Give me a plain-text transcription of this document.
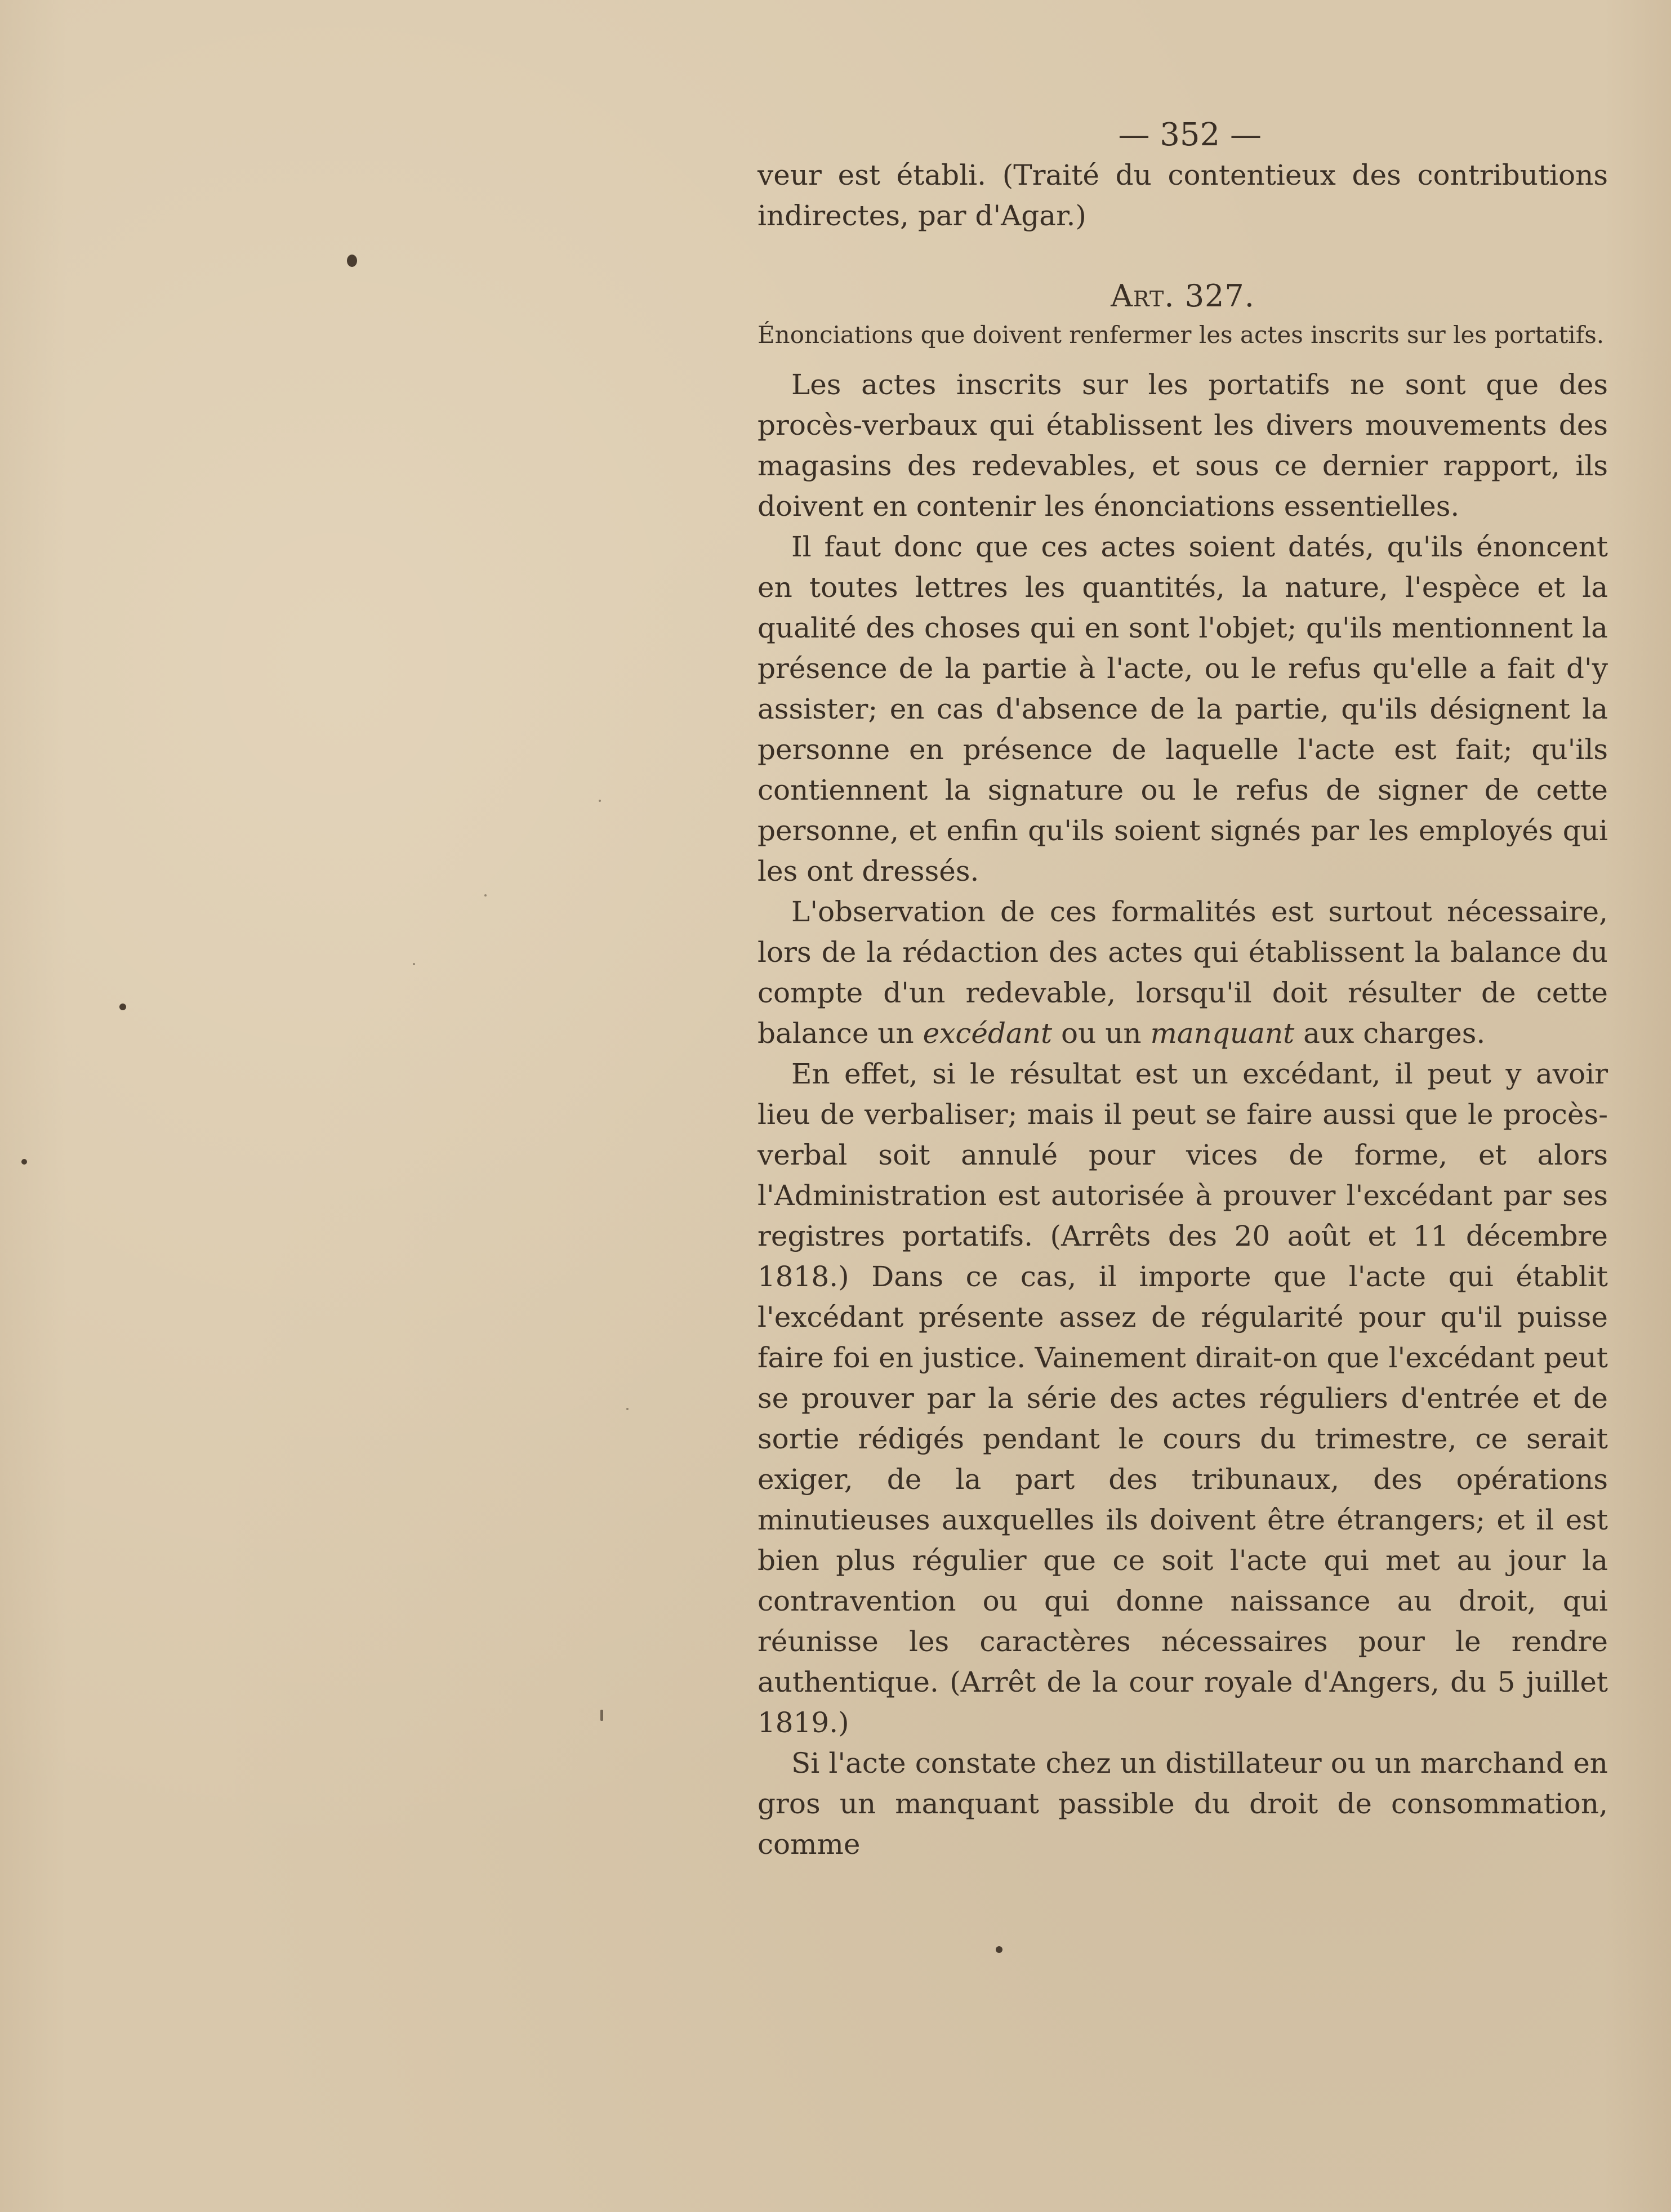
— 352 —

veur est établi. (Traité du contentieux des contributions indirectes, par d'Agar.)

Art. 327.
Énonciations que doivent renfermer les actes inscrits sur les portatifs.

Les actes inscrits sur les portatifs ne sont que des procès-verbaux qui établissent les divers mouvements des magasins des redevables, et sous ce dernier rapport, ils doivent en contenir les énonciations essentielles.

Il faut donc que ces actes soient datés, qu'ils énoncent en toutes lettres les quantités, la nature, l'espèce et la qualité des choses qui en sont l'objet; qu'ils mentionnent la présence de la partie à l'acte, ou le refus qu'elle a fait d'y assister; en cas d'absence de la partie, qu'ils désignent la personne en présence de laquelle l'acte est fait; qu'ils contiennent la signature ou le refus de signer de cette personne, et enfin qu'ils soient signés par les employés qui les ont dressés.

L'observation de ces formalités est surtout nécessaire, lors de la rédaction des actes qui établissent la balance du compte d'un redevable, lorsqu'il doit résulter de cette balance un excédant ou un manquant aux charges.

En effet, si le résultat est un excédant, il peut y avoir lieu de verbaliser; mais il peut se faire aussi que le procès-verbal soit annulé pour vices de forme, et alors l'Administration est autorisée à prouver l'excédant par ses registres portatifs. (Arrêts des 20 août et 11 décembre 1818.) Dans ce cas, il importe que l'acte qui établit l'excédant présente assez de régularité pour qu'il puisse faire foi en justice. Vainement dirait-on que l'excédant peut se prouver par la série des actes réguliers d'entrée et de sortie rédigés pendant le cours du trimestre, ce serait exiger, de la part des tribunaux, des opérations minutieuses auxquelles ils doivent être étrangers; et il est bien plus régulier que ce soit l'acte qui met au jour la contravention ou qui donne naissance au droit, qui réunisse les caractères nécessaires pour le rendre authentique. (Arrêt de la cour royale d'Angers, du 5 juillet 1819.)

Si l'acte constate chez un distillateur ou un marchand en gros un manquant passible du droit de consommation, comme
